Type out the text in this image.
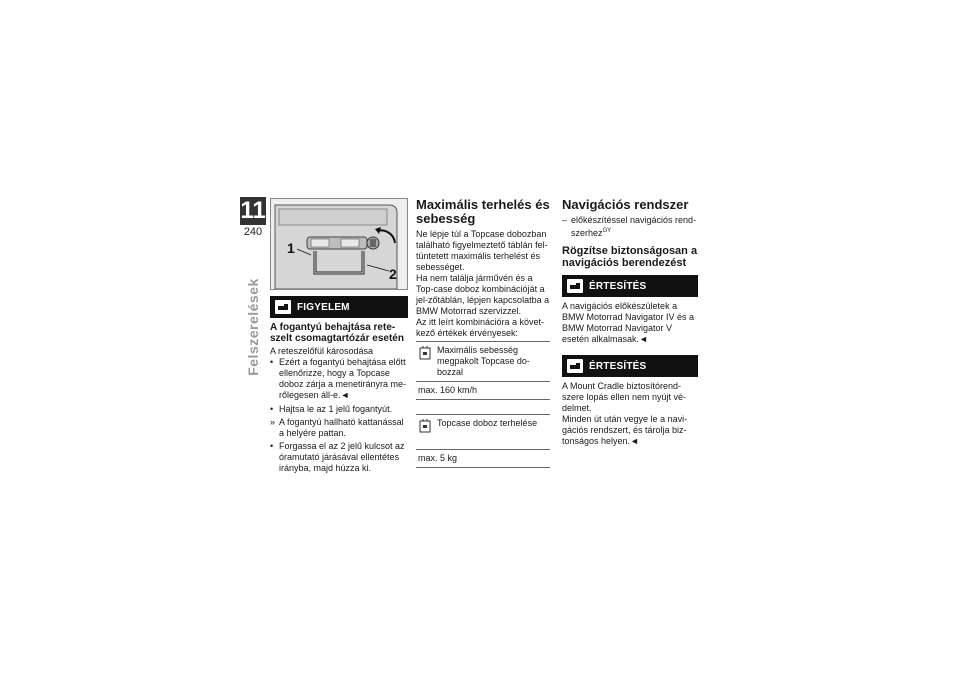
11
240
Felszerelések
1
2
FIGYELEM
A fogantyú behajtása rete-szelt csomagtartózár esetén

A reteszelőfül károsodása

• Ezért a fogantyú behajtása előtt ellenőrizze, hogy a Topcase doboz zárja a menetirányra me-rőlegesen áll-e.◄
• Hajtsa le az 1 jelű fogantyút.
» A fogantyú hallható kattanással a helyére pattan.
• Forgassa el az 2 jelű kulcsot az óramutató járásával ellentétes irányba, majd húzza ki.
Maximális terhelés és sebesség

Ne lépje túl a Topcase dobozban található figyelmeztető táblán fel-tüntetett maximális terhelést és sebességet.

Ha nem találja járművén és a Top-case doboz kombinációját a jel-zőtáblán, lépjen kapcsolatba a BMW Motorrad szervizzel.

Az itt leírt kombinációra a követ-kező értékek érvényesek:

Maximális sebesség megpakolt Topcase do-bozzal

max. 160 km/h

Topcase doboz terhelése

max. 5 kg
Navigációs rendszer
– előkészítéssel navigációs rend-szerhez$^{GY}$
Rögzítse biztonságosan a navigációs berendezést
ÉRTESÍTÉS

A navigációs előkészületek a BMW Motorrad Navigator IV és a BMW Motorrad Navigator V esetén alkalmasak.◄

ÉRTESÍTÉS

A Mount Cradle biztosítórend-szere lopás ellen nem nyújt vé-delmet.

Minden út után vegye le a navi-gációs rendszert, és tárolja biz-tonságos helyen.◄
